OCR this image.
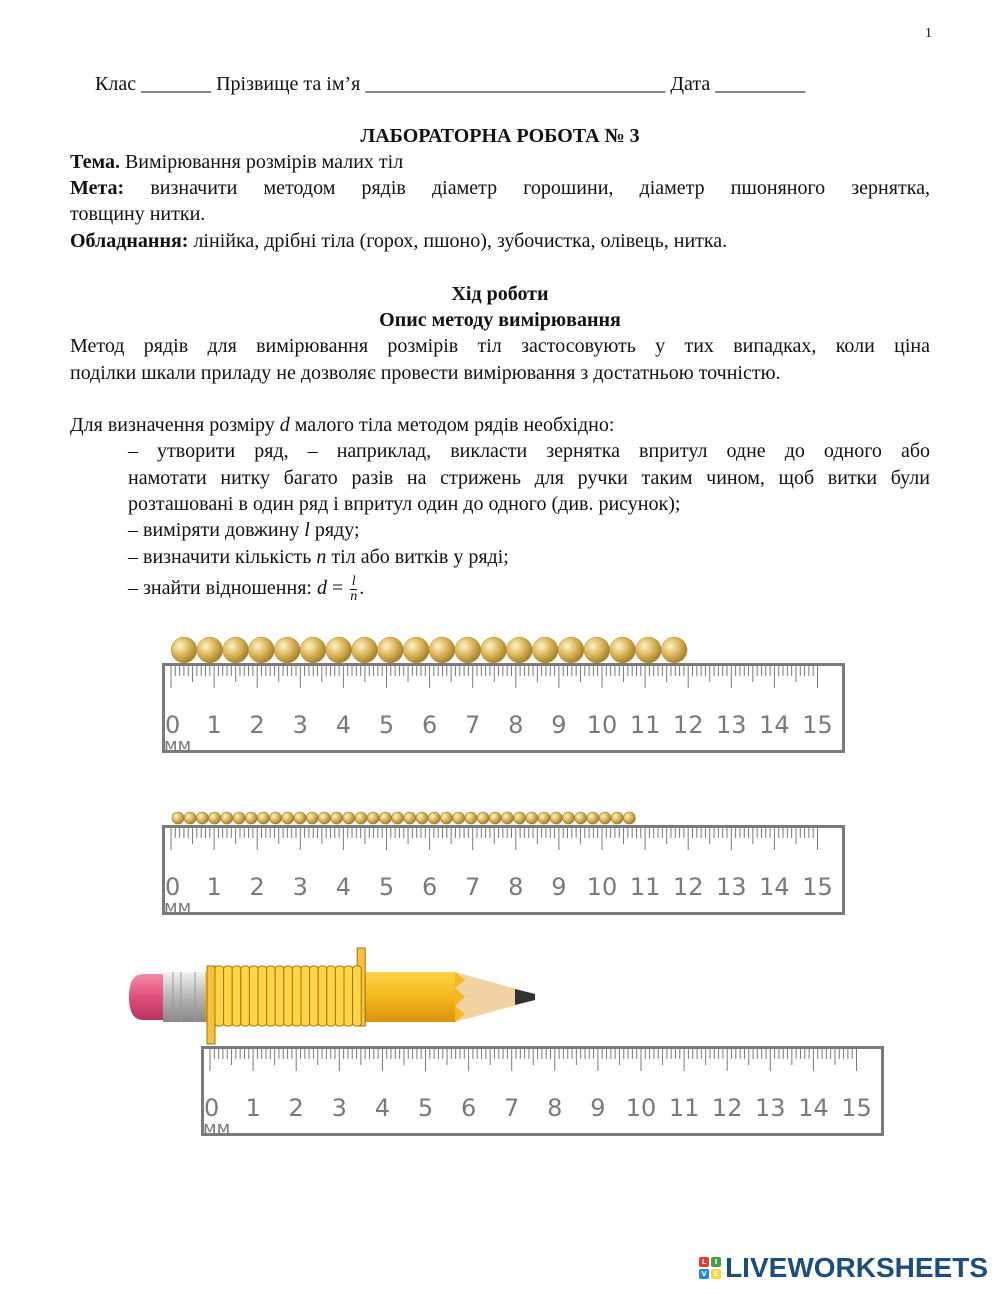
1
Клас _______ Прізвище та ім’я ______________________________ Дата _________
ЛАБОРАТОРНА РОБОТА № 3
Тема. Вимірювання розмірів малих тіл
Мета: визначити методом рядів діаметр горошини, діаметр пшоняного зернятка,
товщину нитки.
Обладнання: лінійка, дрібні тіла (горох, пшоно), зубочистка, олівець, нитка.
Хід роботи
Опис методу вимірювання
Метод рядів для вимірювання розмірів тіл застосовують у тих випадках, коли ціна
поділки шкали приладу не дозволяє провести вимірювання з достатньою точністю.
Для визначення розміру d малого тіла методом рядів необхідно:
– утворити ряд, – наприклад, викласти зернятка впритул одне до одного або
намотати нитку багато разів на стрижень для ручки таким чином, щоб витки були
розташовані в один ряд і впритул один до одного (див. рисунок);
– виміряти довжину l ряду;
– визначити кількість n тіл або витків у ряді;
– знайти відношення: $d = \frac{l}{n}$ .
0 1 2 3 4 5 6 7 8 9 10 11 12 13 14 15
мм
0 1 2 3 4 5 6 7 8 9 10 11 12 13 14 15
мм
0 1 2 3 4 5 6 7 8 9 10 11 12 13 14 15
мм
L	I
V E LIVEWORKSHEETS
